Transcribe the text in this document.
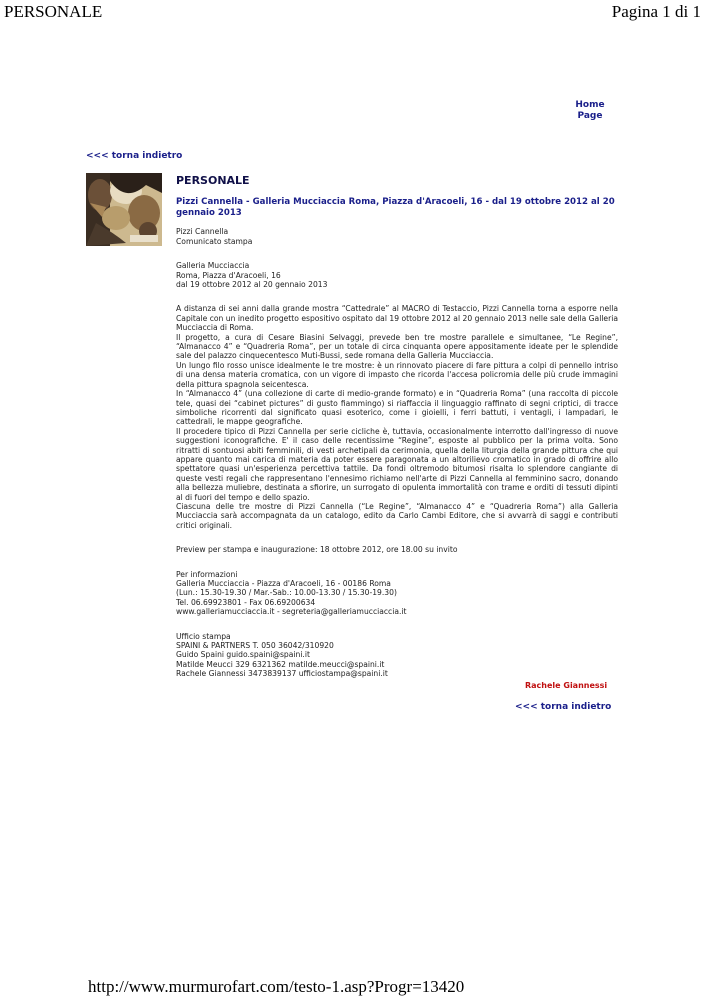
PERSONALE	Pagina 1 di 1
Home
Page
<<< torna indietro
PERSONALE
Pizzi Cannella - Galleria Mucciaccia Roma, Piazza d'Aracoeli, 16 - dal 19 ottobre 2012 al 20 gennaio 2013
Pizzi Cannella
Comunicato stampa
Galleria Mucciaccia
Roma, Piazza d'Aracoeli, 16
dal 19 ottobre 2012 al 20 gennaio 2013

A distanza di sei anni dalla grande mostra “Cattedrale” al MACRO di Testaccio, Pizzi Cannella torna a esporre nella Capitale con un inedito progetto espositivo ospitato dal 19 ottobre 2012 al 20 gennaio 2013 nelle sale della Galleria Mucciaccia di Roma.

Il progetto, a cura di Cesare Biasini Selvaggi, prevede ben tre mostre parallele e simultanee, “Le Regine”, “Almanacco 4” e “Quadreria Roma”, per un totale di circa cinquanta opere appositamente ideate per le splendide sale del palazzo cinquecentesco Muti-Bussi, sede romana della Galleria Mucciaccia.

Un lungo filo rosso unisce idealmente le tre mostre: è un rinnovato piacere di fare pittura a colpi di pennello intriso di una densa materia cromatica, con un vigore di impasto che ricorda l'accesa policromia delle più crude immagini della pittura spagnola seicentesca.

In “Almanacco 4” (una collezione di carte di medio-grande formato) e in “Quadreria Roma” (una raccolta di piccole tele, quasi dei “cabinet pictures” di gusto fiammingo) si riaffaccia il linguaggio raffinato di segni criptici, di tracce simboliche ricorrenti dal significato quasi esoterico, come i gioielli, i ferri battuti, i ventagli, i lampadari, le cattedrali, le mappe geografiche.

Il procedere tipico di Pizzi Cannella per serie cicliche è, tuttavia, occasionalmente interrotto dall'ingresso di nuove suggestioni iconografiche. E' il caso delle recentissime “Regine”, esposte al pubblico per la prima volta. Sono ritratti di sontuosi abiti femminili, di vesti archetipali da cerimonia, quella della liturgia della grande pittura che qui appare quanto mai carica di materia da poter essere paragonata a un altorilievo cromatico in grado di offrire allo spettatore quasi un'esperienza percettiva tattile. Da fondi oltremodo bitumosi risalta lo splendore cangiante di queste vesti regali che rappresentano l'ennesimo richiamo nell'arte di Pizzi Cannella al femminino sacro, donando alla bellezza muliebre, destinata a sfiorire, un surrogato di opulenta immortalità con trame e orditi di tessuti dipinti al di fuori del tempo e dello spazio.

Ciascuna delle tre mostre di Pizzi Cannella (“Le Regine”, “Almanacco 4” e “Quadreria Roma”) alla Galleria Mucciaccia sarà accompagnata da un catalogo, edito da Carlo Cambi Editore, che si avvarrà di saggi e contributi critici originali.

Preview per stampa e inaugurazione: 18 ottobre 2012, ore 18.00 su invito
Per informazioni
Galleria Mucciaccia - Piazza d'Aracoeli, 16 - 00186 Roma
(Lun.: 15.30-19.30 / Mar.-Sab.: 10.00-13.30 / 15.30-19.30)
Tel. 06.69923801 - Fax 06.69200634
www.galleriamucciaccia.it - segreteria@galleriamucciaccia.it
Ufficio stampa
SPAINI & PARTNERS T. 050 36042/310920
Guido Spaini guido.spaini@spaini.it
Matilde Meucci 329 6321362 matilde.meucci@spaini.it
Rachele Giannessi 3473839137 ufficiostampa@spaini.it
Rachele Giannessi
<<< torna indietro
http://www.murmurofart.com/testo-1.asp?Progr=13420
